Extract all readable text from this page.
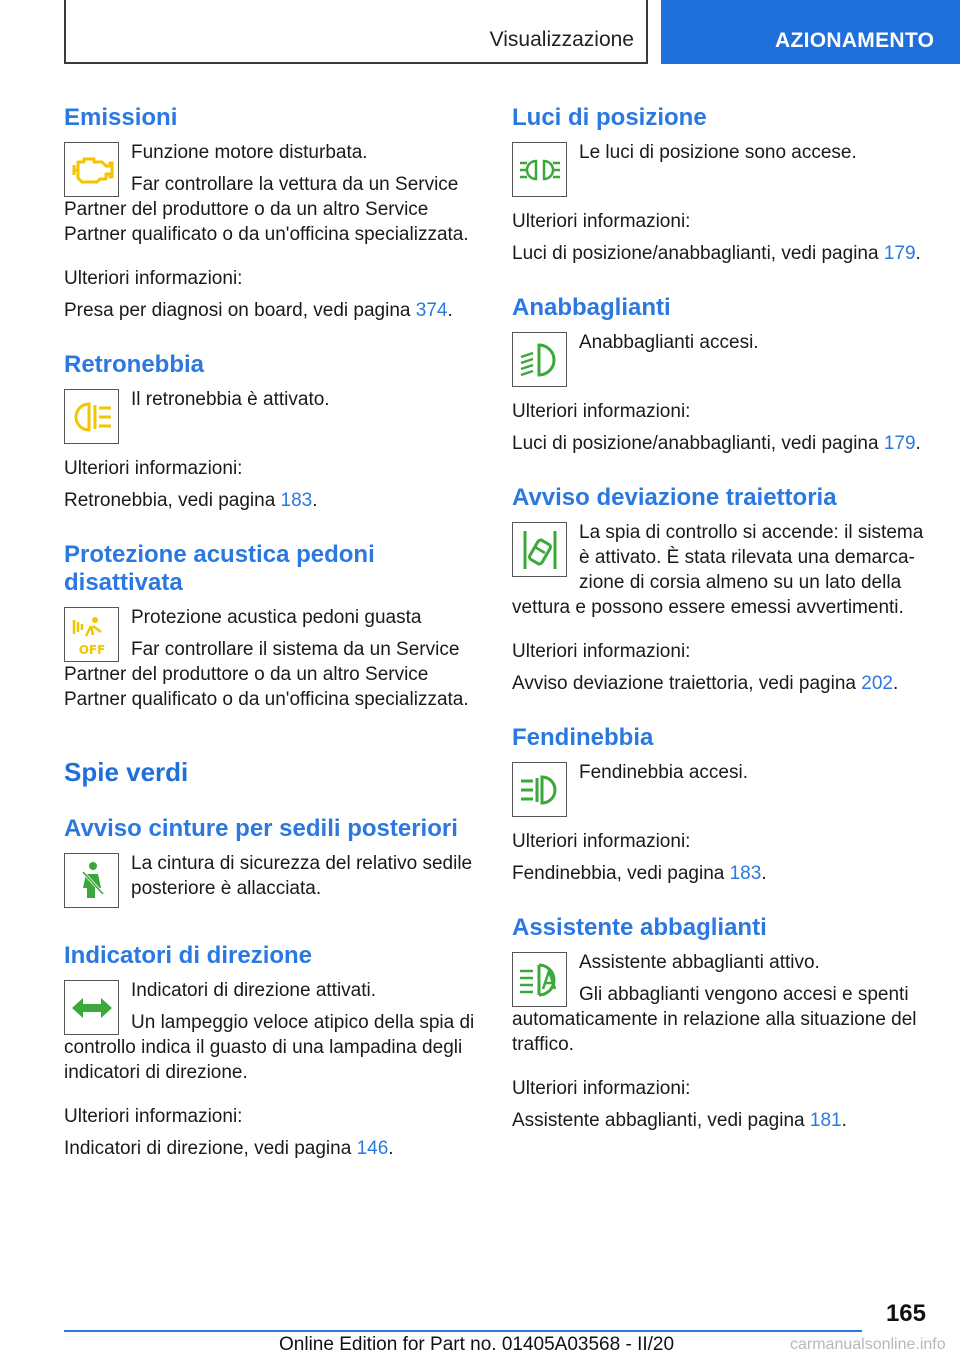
Visualizzazione	AZIONAMENTO
Emissioni

Funzione motore disturbata.

Far controllare la vettura da un Service Partner del produttore o da un altro Service Partner qualificato o da un'officina specializzata.

Ulteriori informazioni:

Presa per diagnosi on board, vedi pagina 374.

Retronebbia

Il retronebbia è attivato.

Ulteriori informazioni:

Retronebbia, vedi pagina 183.

Protezione acustica pedoni disattivata
OFF

Protezione acustica pedoni guasta

Far controllare il sistema da un Service Partner del produttore o da un altro Service Partner qualificato o da un'officina specializzata.

Spie verdi
Avviso cinture per sedili posteriori

La cintura di sicurezza del relativo sedile posteriore è allacciata.

Indicatori di direzione

Indicatori di direzione attivati.

Un lampeggio veloce atipico della spia di controllo indica il guasto di una lampadina degli indicatori di direzione.

Ulteriori informazioni:

Indicatori di direzione, vedi pagina 146.

Luci di posizione

Le luci di posizione sono accese.

Ulteriori informazioni:

Luci di posizione/anabbaglianti, vedi pagina 179.

Anabbaglianti

Anabbaglianti accesi.

Ulteriori informazioni:

Luci di posizione/anabbaglianti, vedi pagina 179.

Avviso deviazione traiettoria

La spia di controllo si accende: il sistema è attivato. È stata rilevata una demarcazione di corsia almeno su un lato della vettura e possono essere emessi avvertimenti.

Ulteriori informazioni:

Avviso deviazione traiettoria, vedi pagina 202.

Fendinebbia

Fendinebbia accesi.

Ulteriori informazioni:

Fendinebbia, vedi pagina 183.

Assistente abbaglianti

Assistente abbaglianti attivo.

Gli abbaglianti vengono accesi e spenti automaticamente in relazione alla situazione del traffico.

Ulteriori informazioni:

Assistente abbaglianti, vedi pagina 181.

165
Online Edition for Part no. 01405A03568 - II/20	carmanualsonline.info
